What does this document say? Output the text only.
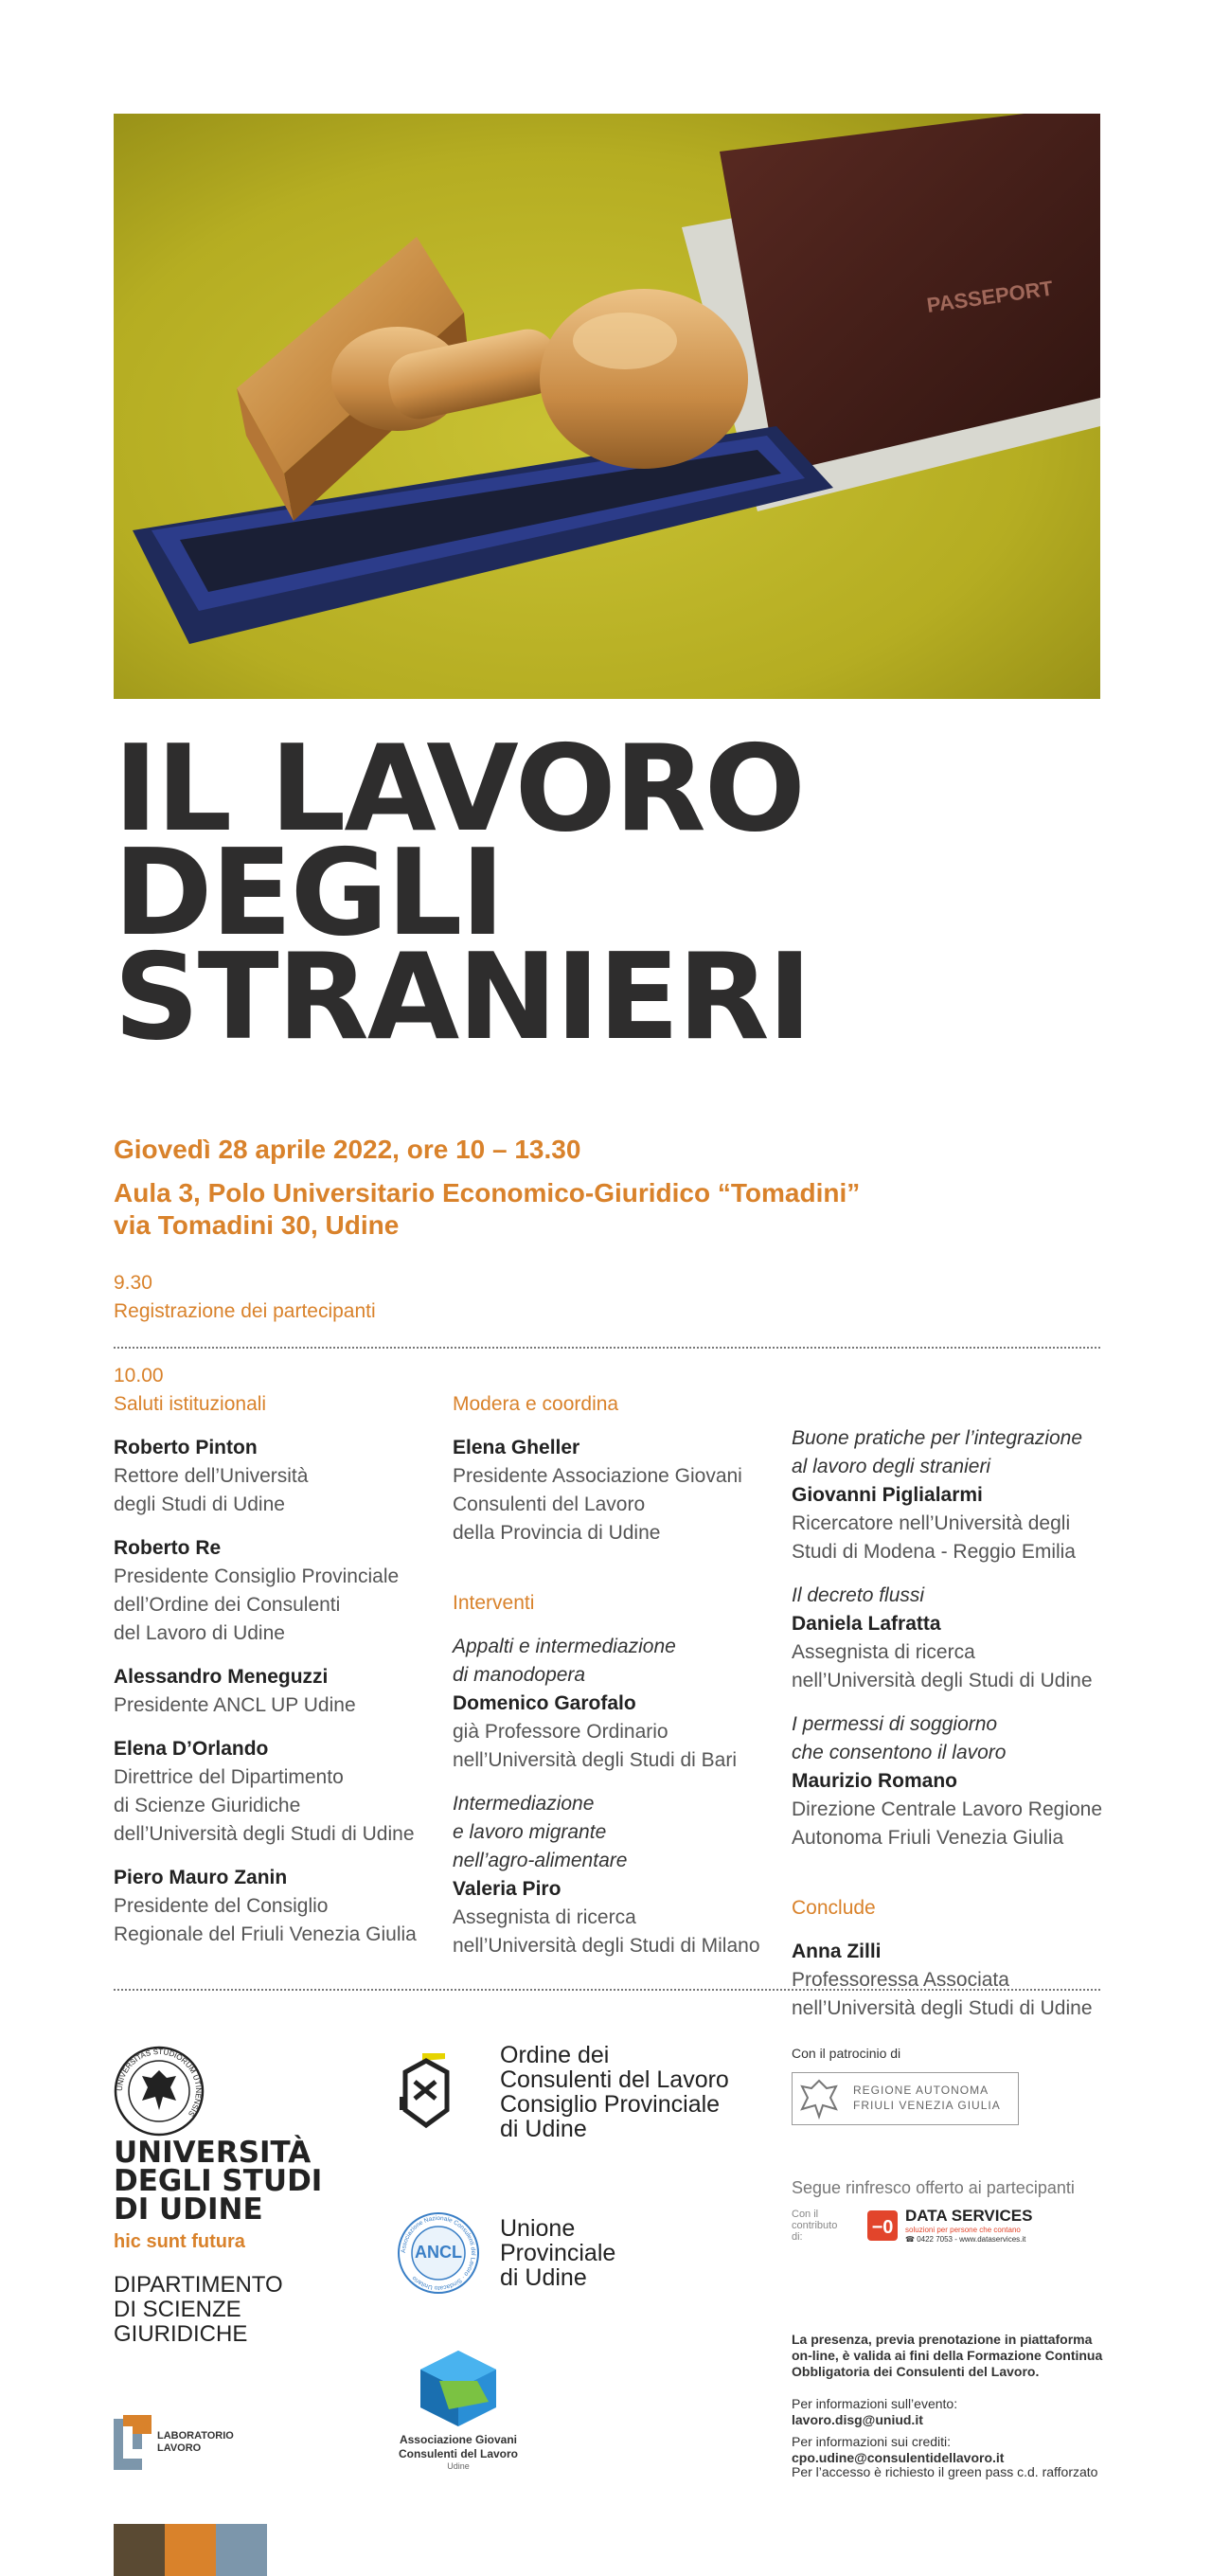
PASSEPORT
IL LAVORO
DEGLI
STRANIERI
Giovedì 28 aprile 2022, ore 10 – 13.30
Aula 3, Polo Universitario Economico-Giuridico “Tomadini”
via Tomadini 30, Udine
9.30
Registrazione dei partecipanti
10.00
Saluti istituzionali
Roberto Pinton
Rettore dell’Università
degli Studi di Udine
Roberto Re
Presidente Consiglio Provinciale
dell’Ordine dei Consulenti
del Lavoro di Udine
Alessandro Meneguzzi
Presidente ANCL UP Udine
Elena D’Orlando
Direttrice del Dipartimento
di Scienze Giuridiche
dell’Università degli Studi di Udine
Piero Mauro Zanin
Presidente del Consiglio
Regionale del Friuli Venezia Giulia
Modera e coordina
Elena Gheller
Presidente Associazione Giovani
Consulenti del Lavoro
della Provincia di Udine
Interventi
Appalti e intermediazione
di manodopera
Domenico Garofalo
già Professore Ordinario
nell’Università degli Studi di Bari
Intermediazione
e lavoro migrante
nell’agro-alimentare
Valeria Piro
Assegnista di ricerca
nell’Università degli Studi di Milano
Buone pratiche per l’integrazione
al lavoro degli stranieri
Giovanni Piglialarmi
Ricercatore nell’Università degli
Studi di Modena - Reggio Emilia
Il decreto flussi
Daniela Lafratta
Assegnista di ricerca
nell’Università degli Studi di Udine
I permessi di soggiorno
che consentono il lavoro
Maurizio Romano
Direzione Centrale Lavoro Regione
Autonoma Friuli Venezia Giulia
Conclude
Anna Zilli
Professoressa Associata
nell’Università degli Studi di Udine
UNIVERSITAS STUDIORUM UTINENSIS
UNIVERSITÀ
DEGLI STUDI
DI UDINE
hic sunt futura
DIPARTIMENTO
DI SCIENZE
GIURIDICHE
LABORATORIO
LAVORO
Ordine dei
Consulenti del Lavoro
Consiglio Provinciale
di Udine
Associazione Nazionale Consulenti del Lavoro · Sindacato Unitario
ANCL
Unione
Provinciale
di Udine
Associazione Giovani
Consulenti del Lavoro
Udine
Con il patrocinio di
REGIONE AUTONOMA
FRIULI VENEZIA GIULIA
Segue rinfresco offerto ai partecipanti
Con il
contributo
di:	−0
DATA SERVICES
soluzioni per persone che contano
☎ 0422 7053 - www.dataservices.it
La presenza, previa prenotazione in piattaforma
on-line, è valida ai fini della Formazione Continua
Obbligatoria dei Consulenti del Lavoro.
Per informazioni sull’evento:
lavoro.disg@uniud.it
Per informazioni sui crediti:
cpo.udine@consulentidellavoro.it
Per l’accesso è richiesto il green pass c.d. rafforzato
